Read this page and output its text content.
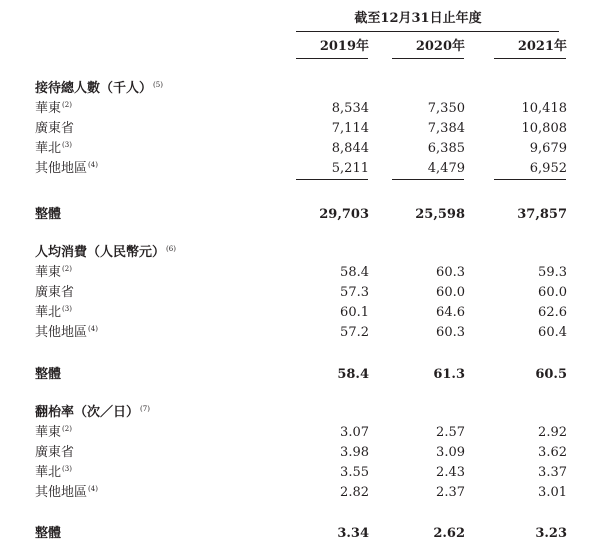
截至12月31日止年度
2019年	2020年	2021年
接待總人數（千人）$^{(5)}$
華東$^{(2)}$	8,534	7,350	10,418
廣東省	7,114	7,384	10,808
華北$^{(3)}$	8,844	6,385	9,679
其他地區$^{(4)}$	5,211	4,479	6,952
整體	29,703	25,598	37,857
人均消費（人民幣元）$^{(6)}$
華東$^{(2)}$	58.4	60.3	59.3
廣東省	57.3	60.0	60.0
華北$^{(3)}$	60.1	64.6	62.6
其他地區$^{(4)}$	57.2	60.3	60.4
整體	58.4	61.3	60.5
翻枱率（次／日）$^{(7)}$
華東$^{(2)}$	3.07	2.57	2.92
廣東省	3.98	3.09	3.62
華北$^{(3)}$	3.55	2.43	3.37
其他地區$^{(4)}$	2.82	2.37	3.01
整體	3.34	2.62	3.23
